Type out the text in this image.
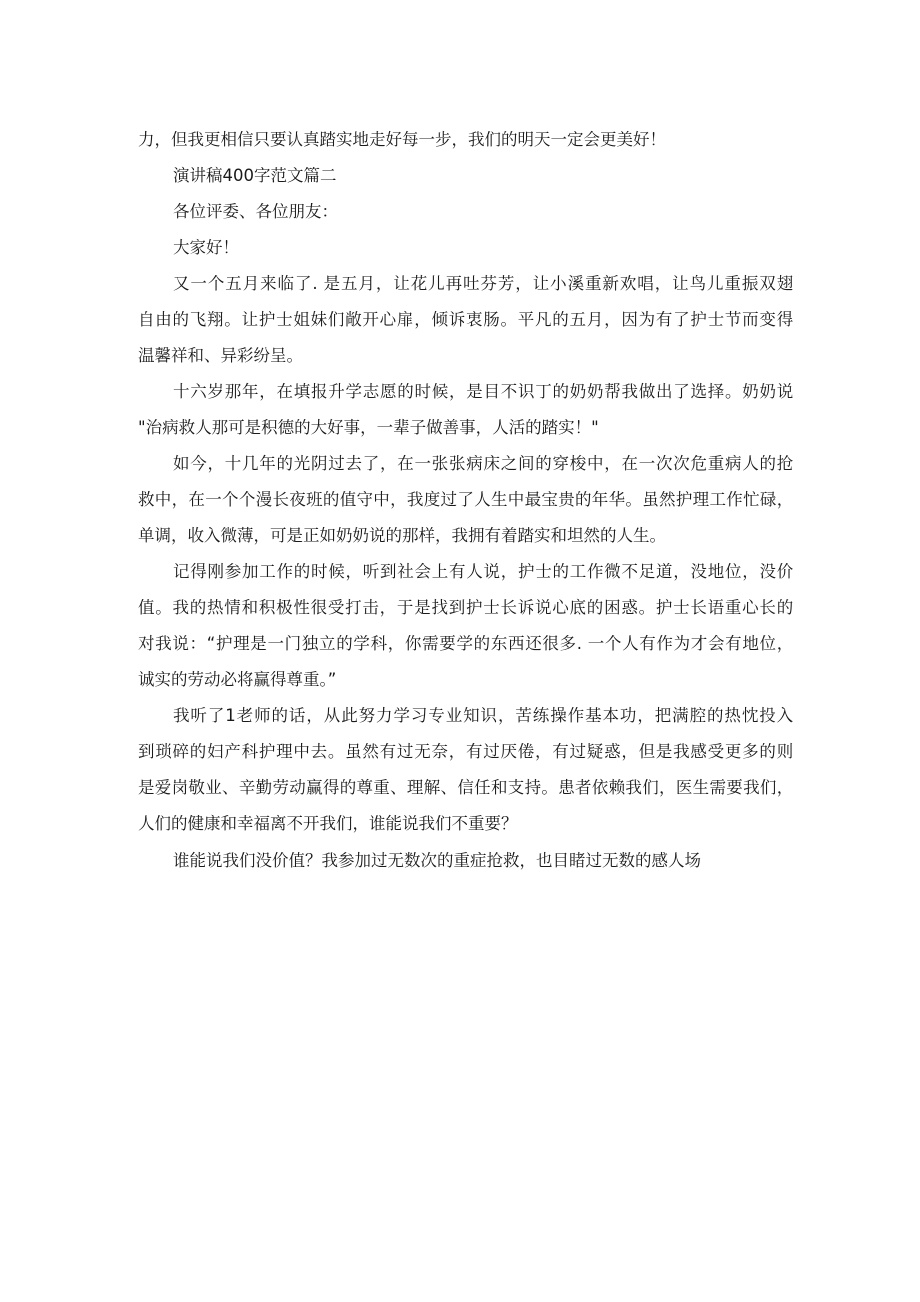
力，但我更相信只要认真踏实地走好每一步，我们的明天一定会更美好！
演讲稿400字范文篇二
各位评委、各位朋友：
大家好！
又一个五月来临了. 是五月，让花儿再吐芬芳，让小溪重新欢唱，让鸟儿重振双翅
自由的飞翔。让护士姐妹们敞开心扉，倾诉衷肠。平凡的五月，因为有了护士节而变得
温馨祥和、异彩纷呈。
十六岁那年，在填报升学志愿的时候，是目不识丁的奶奶帮我做出了选择。奶奶说
"治病救人那可是积德的大好事，一辈子做善事，人活的踏实！"
如今，十几年的光阴过去了，在一张张病床之间的穿梭中，在一次次危重病人的抢
救中，在一个个漫长夜班的值守中，我度过了人生中最宝贵的年华。虽然护理工作忙碌，
单调，收入微薄，可是正如奶奶说的那样，我拥有着踏实和坦然的人生。
记得刚参加工作的时候，听到社会上有人说，护士的工作微不足道，没地位，没价
值。我的热情和积极性很受打击，于是找到护士长诉说心底的困惑。护士长语重心长的
对我说：“护理是一门独立的学科，你需要学的东西还很多. 一个人有作为才会有地位，
诚实的劳动必将赢得尊重。”
我听了1老师的话，从此努力学习专业知识，苦练操作基本功，把满腔的热忱投入
到琐碎的妇产科护理中去。虽然有过无奈，有过厌倦，有过疑惑，但是我感受更多的则
是爱岗敬业、辛勤劳动赢得的尊重、理解、信任和支持。患者依赖我们，医生需要我们，
人们的健康和幸福离不开我们，谁能说我们不重要？
谁能说我们没价值？我参加过无数次的重症抢救，也目睹过无数的感人场
